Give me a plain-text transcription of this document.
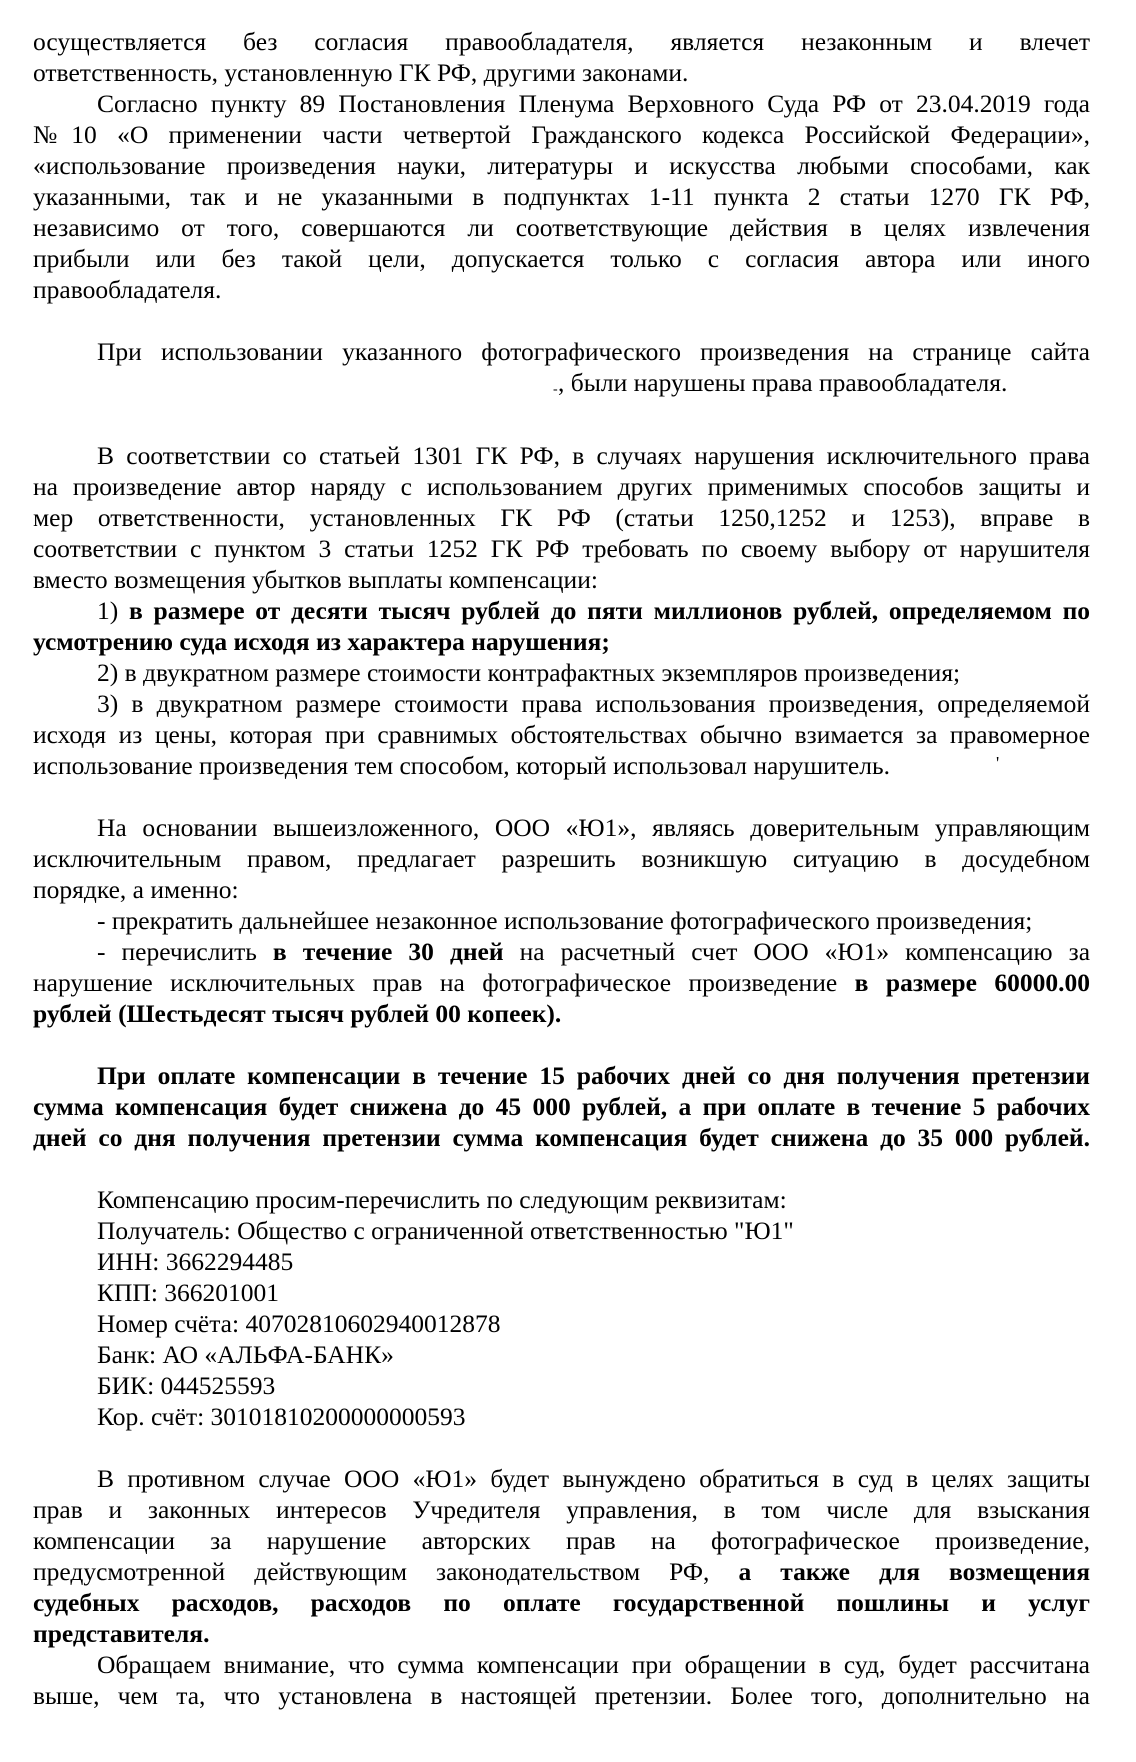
осуществляется без согласия правообладателя, является незаконным и влечет
ответственность, установленную ГК РФ, другими законами.
Согласно пункту 89 Постановления Пленума Верховного Суда РФ от 23.04.2019 года
№10 «О применении части четвертой Гражданского кодекса Российской Федерации»,
«использование произведения науки, литературы и искусства любыми способами, как
указанными, так и не указанными в подпунктах 1-11 пункта 2 статьи 1270 ГК РФ,
независимо от того, совершаются ли соответствующие действия в целях извлечения
прибыли или без такой цели, допускается только с согласия автора или иного
правообладателя.
При использовании указанного фотографического произведения на странице сайта
- , были нарушены права правообладателя.
В соответствии со статьей 1301 ГК РФ, в случаях нарушения исключительного права
на произведение автор наряду с использованием других применимых способов защиты и
мер ответственности, установленных ГК РФ (статьи 1250,1252 и 1253), вправе в
соответствии с пунктом 3 статьи 1252 ГК РФ требовать по своему выбору от нарушителя
вместо возмещения убытков выплаты компенсации:
1) в размере от десяти тысяч рублей до пяти миллионов рублей, определяемом по
усмотрению суда исходя из характера нарушения;
2) в двукратном размере стоимости контрафактных экземпляров произведения;
3) в двукратном размере стоимости права использования произведения, определяемой
исходя из цены, которая при сравнимых обстоятельствах обычно взимается за правомерное
использование произведения тем способом, который использовал нарушитель.	'
На основании вышеизложенного, ООО «Ю1», являясь доверительным управляющим
исключительным правом, предлагает разрешить возникшую ситуацию в досудебном
порядке, а именно:
- прекратить дальнейшее незаконное использование фотографического произведения;
- перечислить в течение 30 дней на расчетный счет ООО «Ю1» компенсацию за
нарушение исключительных прав на фотографическое произведение в размере 60000.00
рублей (Шестьдесят тысяч рублей 00 копеек).
При оплате компенсации в течение 15 рабочих дней со дня получения претензии
сумма компенсация будет снижена до 45 000 рублей, а при оплате в течение 5 рабочих
дней со дня получения претензии сумма компенсация будет снижена до 35 000 рублей.
Компенсацию просим-перечислить по следующим реквизитам:
Получатель: Общество с ограниченной ответственностью "Ю1"
ИНН: 3662294485
КПП: 366201001
Номер счёта: 40702810602940012878
Банк: АО «АЛЬФА-БАНК»
БИК: 044525593
Кор. счёт: 30101810200000000593
В противном случае ООО «Ю1» будет вынуждено обратиться в суд в целях защиты
прав и законных интересов Учредителя управления, в том числе для взыскания
компенсации за нарушение авторских прав на фотографическое произведение,
предусмотренной действующим законодательством РФ, а также для возмещения
судебных расходов, расходов по оплате государственной пошлины и услуг
представителя.
Обращаем внимание, что сумма компенсации при обращении в суд, будет рассчитана
выше, чем та, что установлена в настоящей претензии. Более того, дополнительно на
